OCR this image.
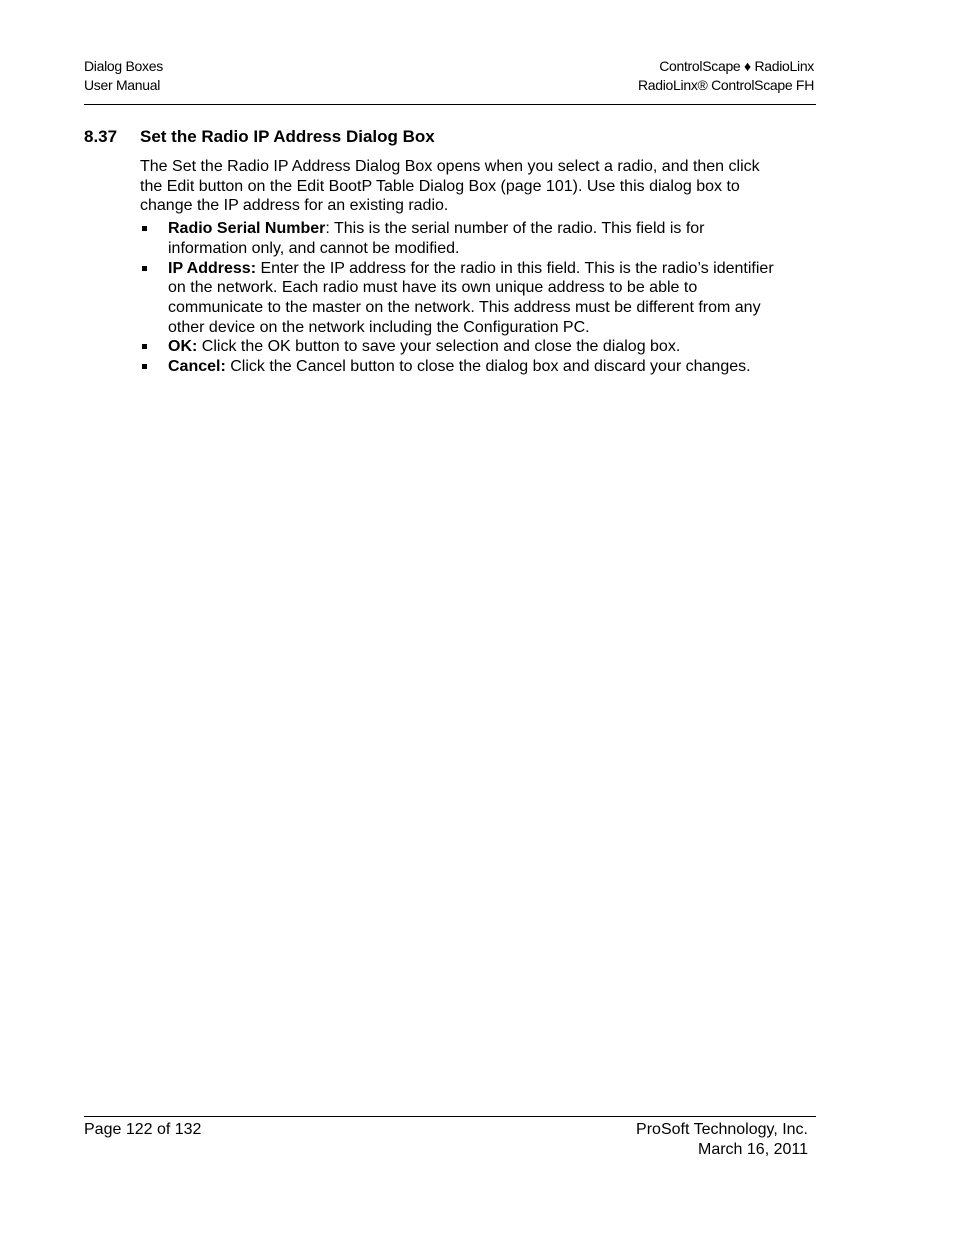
Dialog Boxes
User Manual
ControlScape ♦ RadioLinx
RadioLinx® ControlScape FH
8.37 Set the Radio IP Address Dialog Box

The Set the Radio IP Address Dialog Box opens when you select a radio, and then click the Edit button on the Edit BootP Table Dialog Box (page 101). Use this dialog box to change the IP address for an existing radio.

Radio Serial Number: This is the serial number of the radio. This field is for information only, and cannot be modified.
IP Address: Enter the IP address for the radio in this field. This is the radio’s identifier on the network. Each radio must have its own unique address to be able to communicate to the master on the network. This address must be different from any other device on the network including the Configuration PC.
OK: Click the OK button to save your selection and close the dialog box.
Cancel: Click the Cancel button to close the dialog box and discard your changes.
Page 122 of 132	ProSoft Technology, Inc.
March 16, 2011
